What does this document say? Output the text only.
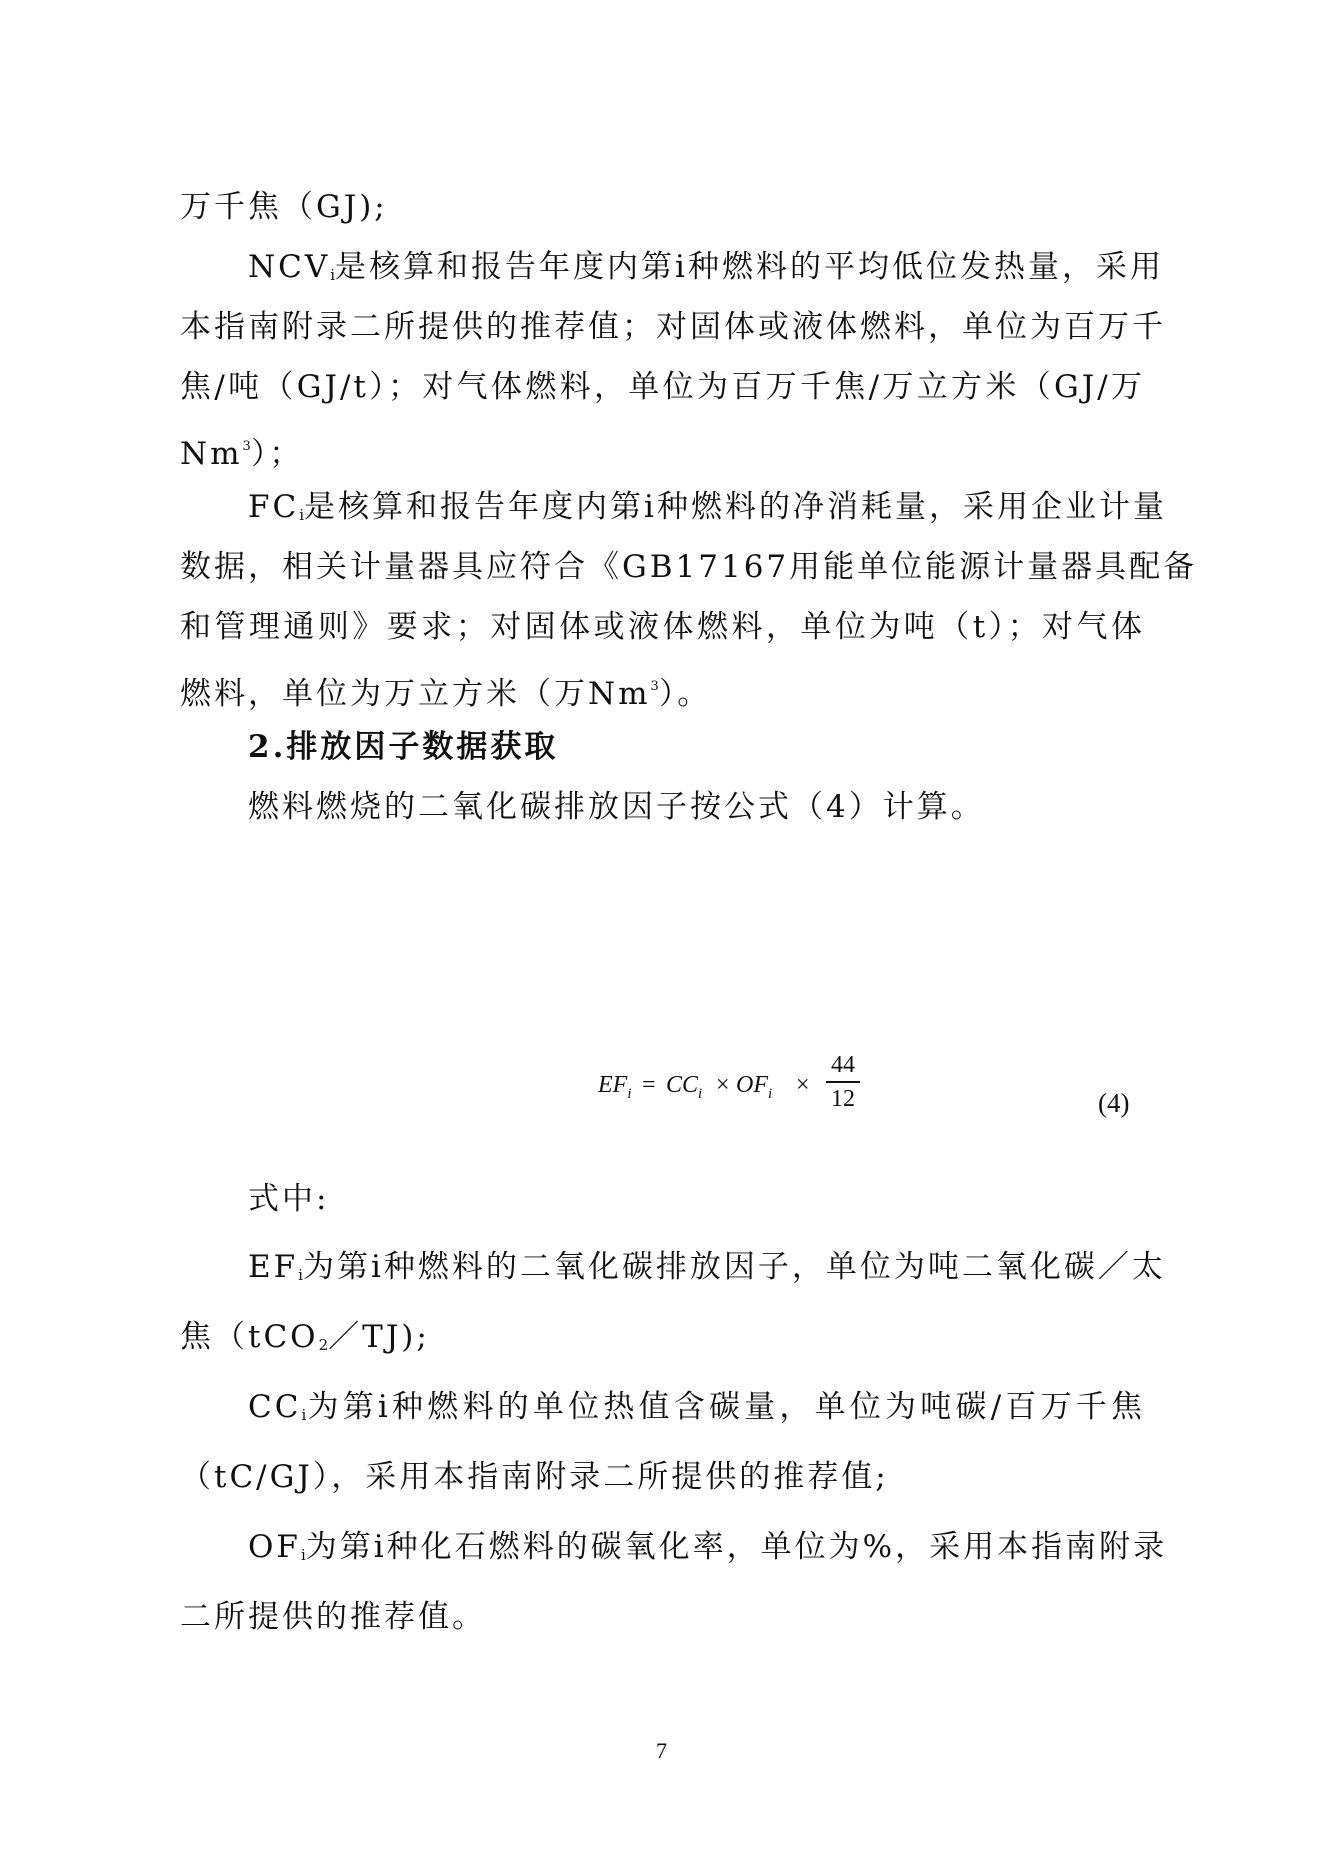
万千焦（GJ);
$NCV_i$是核算和报告年度内第i种燃料的平均低位发热量，采用
本指南附录二所提供的推荐值；对固体或液体燃料，单位为百万千
焦/吨（GJ/t）；对气体燃料，单位为百万千焦/万立方米（GJ/万
Nm$^3$）；
$FC_i$是核算和报告年度内第i种燃料的净消耗量，采用企业计量
数据，相关计量器具应符合《GB17167用能单位能源计量器具配备
和管理通则》要求；对固体或液体燃料，单位为吨（t）；对气体
燃料，单位为万立方米（万Nm$^3$）。
2.排放因子数据获取
燃料燃烧的二氧化碳排放因子按公式（4）计算。
$EF_i = CC_i \times OF_i$ ×
44
12	(4)
式中:
$EF_i$为第i种燃料的二氧化碳排放因子，单位为吨二氧化碳／太
焦（tCO$_2$／TJ);
$CC_i$为第i种燃料的单位热值含碳量，单位为吨碳/百万千焦
（tC/GJ），采用本指南附录二所提供的推荐值;
$OF_i$为第i种化石燃料的碳氧化率，单位为%，采用本指南附录
二所提供的推荐值。
7
